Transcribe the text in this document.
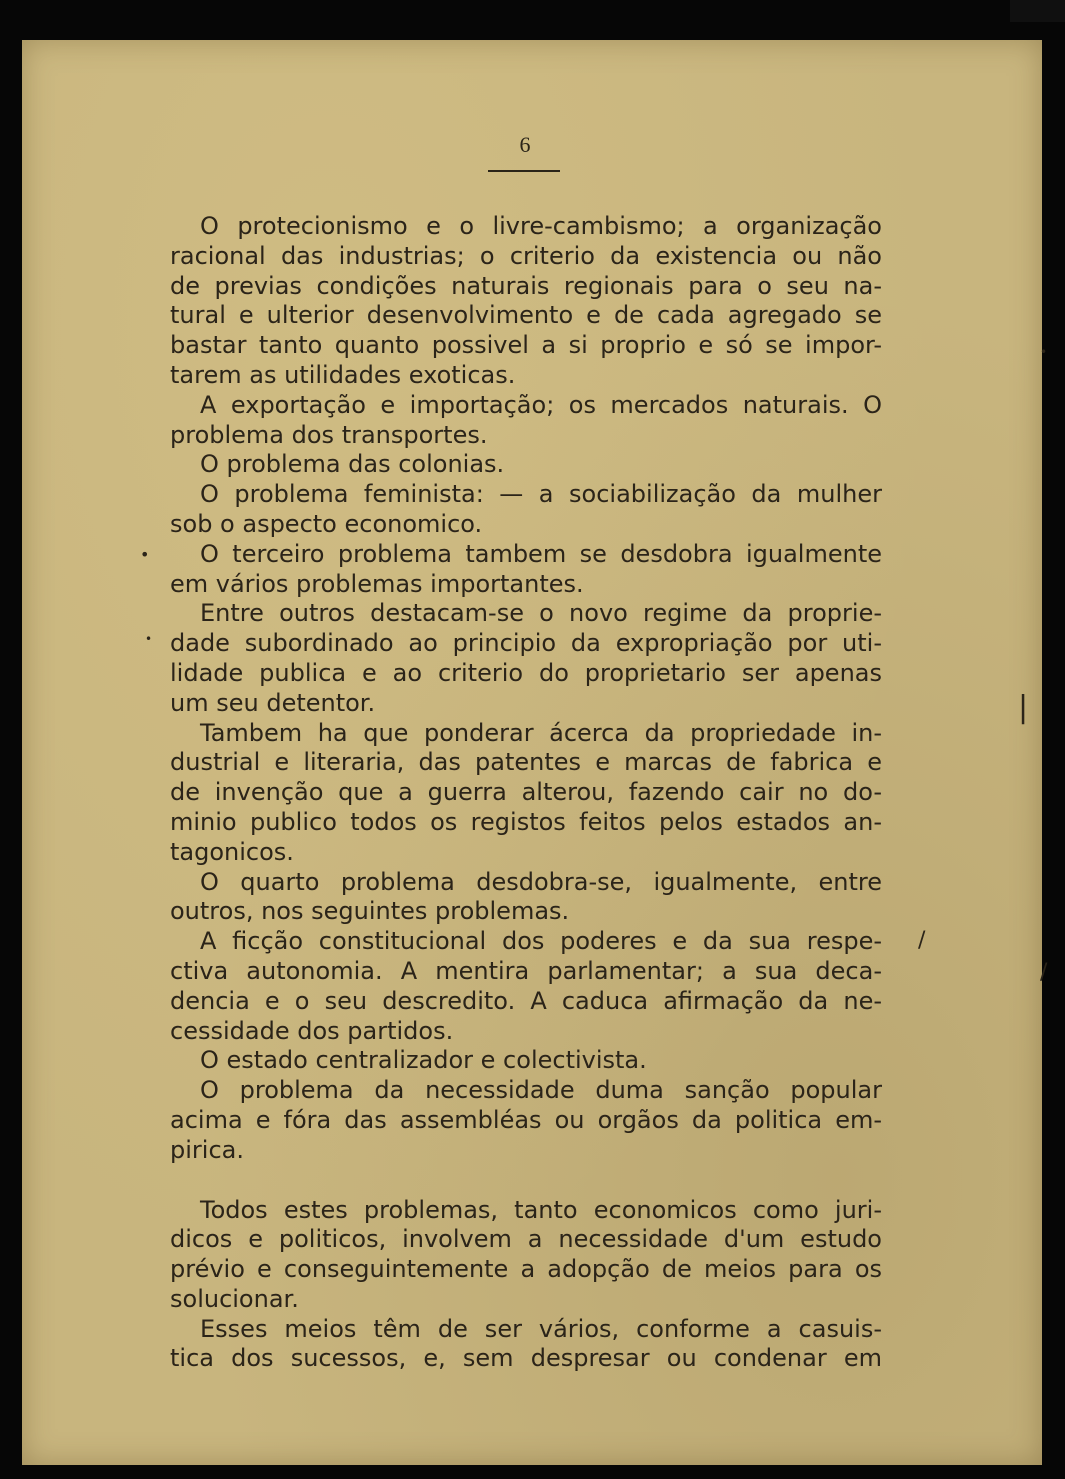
6
O protecionismo e o livre-cambismo; a organização
racional das industrias; o criterio da existencia ou não
de previas condições naturais regionais para o seu na-
tural e ulterior desenvolvimento e de cada agregado se
bastar tanto quanto possivel a si proprio e só se impor-
tarem as utilidades exoticas.
A exportação e importação; os mercados naturais. O
problema dos transportes.
O problema das colonias.
O problema feminista: — a sociabilização da mulher
sob o aspecto economico.
O terceiro problema tambem se desdobra igualmente
em vários problemas importantes.
Entre outros destacam-se o novo regime da proprie-
dade subordinado ao principio da expropriação por uti-
lidade publica e ao criterio do proprietario ser apenas
um seu detentor.
Tambem ha que ponderar ácerca da propriedade in-
dustrial e literaria, das patentes e marcas de fabrica e
de invenção que a guerra alterou, fazendo cair no do-
minio publico todos os registos feitos pelos estados an-
tagonicos.
O quarto problema desdobra-se, igualmente, entre
outros, nos seguintes problemas.
A ficção constitucional dos poderes e da sua respe-
ctiva autonomia. A mentira parlamentar; a sua deca-
dencia e o seu descredito. A caduca afirmação da ne-
cessidade dos partidos.
O estado centralizador e colectivista.
O problema da necessidade duma sanção popular
acima e fóra das assembléas ou orgãos da politica em-
pirica.
Todos estes problemas, tanto economicos como juri-
dicos e politicos, involvem a necessidade d'um estudo
prévio e conseguintemente a adopção de meios para os
solucionar.
Esses meios têm de ser vários, conforme a casuis-
tica dos sucessos, e, sem despresar ou condenar em
|
/
/
•
•
•
